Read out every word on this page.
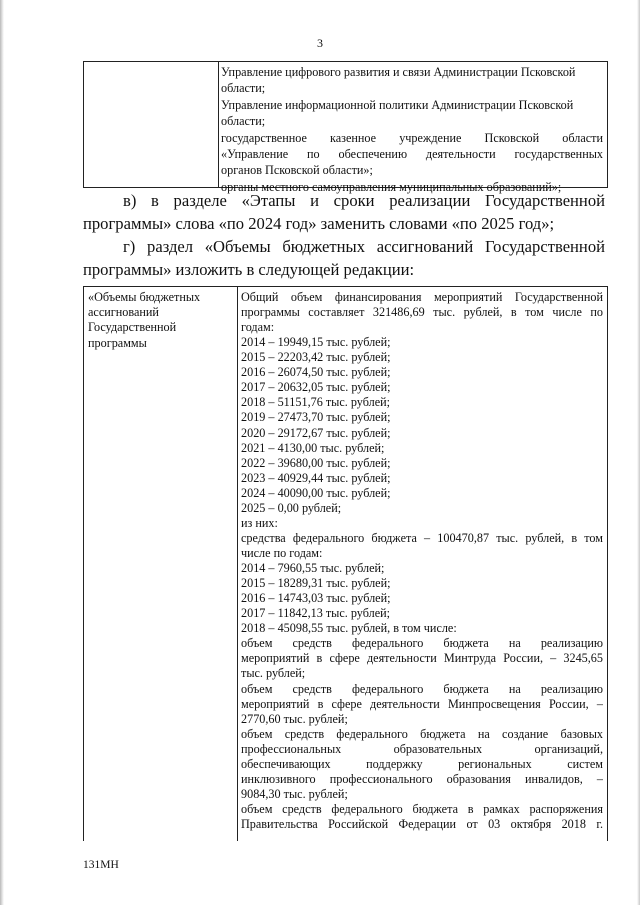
3
Управление цифрового развития и связи Администрации Псковской
области;
Управление информационной политики Администрации Псковской
области;
государственное казенное учреждение Псковской области
«Управление по обеспечению деятельности государственных
органов Псковской области»;
органы местного самоуправления муниципальных образований»;
в) в разделе «Этапы и сроки реализации Государственной
программы» слова «по 2024 год» заменить словами «по 2025 год»;
г) раздел «Объемы бюджетных ассигнований Государственной
программы» изложить в следующей редакции:
«Объемы бюджетных
ассигнований
Государственной
программы
Общий объем финансирования мероприятий Государственной
программы составляет 321486,69 тыс. рублей, в том числе по
годам:
2014 – 19949,15 тыс. рублей;
2015 – 22203,42 тыс. рублей;
2016 – 26074,50 тыс. рублей;
2017 – 20632,05 тыс. рублей;
2018 – 51151,76 тыс. рублей;
2019 – 27473,70 тыс. рублей;
2020 – 29172,67 тыс. рублей;
2021 – 4130,00 тыс. рублей;
2022 – 39680,00 тыс. рублей;
2023 – 40929,44 тыс. рублей;
2024 – 40090,00 тыс. рублей;
2025 – 0,00 рублей;
из них:
средства федерального бюджета – 100470,87 тыс. рублей, в том
числе по годам:
2014 – 7960,55 тыс. рублей;
2015 – 18289,31 тыс. рублей;
2016 – 14743,03 тыс. рублей;
2017 – 11842,13 тыс. рублей;
2018 – 45098,55 тыс. рублей, в том числе:
объем средств федерального бюджета на реализацию
мероприятий в сфере деятельности Минтруда России, – 3245,65
тыс. рублей;
объем средств федерального бюджета на реализацию
мероприятий в сфере деятельности Минпросвещения России, –
2770,60 тыс. рублей;
объем средств федерального бюджета на создание базовых
профессиональных образовательных организаций,
обеспечивающих поддержку региональных систем
инклюзивного профессионального образования инвалидов, –
9084,30 тыс. рублей;
объем средств федерального бюджета в рамках распоряжения
Правительства Российской Федерации от 03 октября 2018 г.
131МН
